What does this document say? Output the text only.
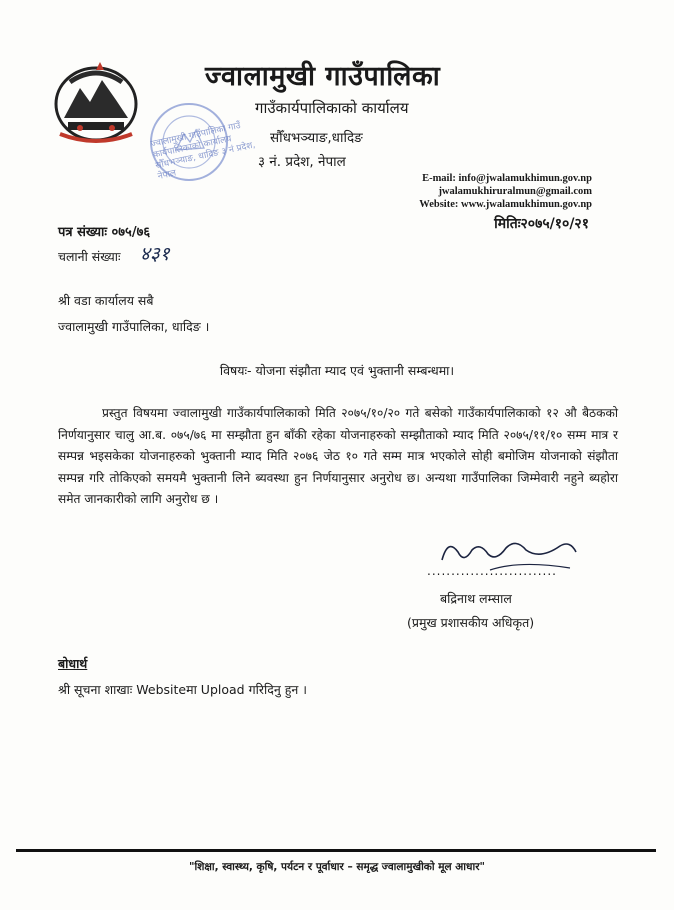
ज्वालामुखी गाउँपालिका गाउँ कार्यपालिकाको कार्यालय सौँधभञ्याङ, धादिङ ३ नं प्रदेश, नेपाल
ज्वालामुखी गाउँपालिका
गाउँकार्यपालिकाको कार्यालय
सौँधभञ्याङ,धादिङ
३ नं. प्रदेश, नेपाल
E-mail: info@jwalamukhimun.gov.np
jwalamukhiruralmun@gmail.com
Website: www.jwalamukhimun.gov.np
मितिः२०७५/१०/२१
पत्र संख्याः ०७५/७६
चलानी संख्याः ४३१
श्री वडा कार्यालय सबै
ज्वालामुखी गाउँपालिका, धादिङ ।
विषयः- योजना संझौता म्याद एवं भुक्तानी सम्बन्धमा।
प्रस्तुत विषयमा ज्वालामुखी गाउँकार्यपालिकाको मिति २०७५/१०/२० गते बसेको गाउँकार्यपालिकाको १२ औ बैठकको निर्णयानुसार चालु आ.ब. ०७५/७६ मा सम्झौता हुन बाँकी रहेका योजनाहरुको सम्झौताको म्याद मिति २०७५/११/१० सम्म मात्र र सम्पन्न भइसकेका योजनाहरुको भुक्तानी म्याद मिति २०७६ जेठ १० गते सम्म मात्र भएकोले सोही बमोजिम योजनाको संझौता सम्पन्न गरि तोकिएको समयमै भुक्तानी लिने ब्यवस्था हुन निर्णयानुसार अनुरोध छ। अन्यथा गाउँपालिका जिम्मेवारी नहुने ब्यहोरा समेत जानकारीको लागि अनुरोध छ ।
...........................
बद्रिनाथ लम्साल
(प्रमुख प्रशासकीय अधिकृत)
बोधार्थ
श्री सूचना शाखाः Websiteमा Upload गरिदिनु हुन ।
"शिक्षा, स्वास्थ्य, कृषि, पर्यटन र पूर्वाधार – समृद्ध ज्वालामुखीको मूल आधार"
